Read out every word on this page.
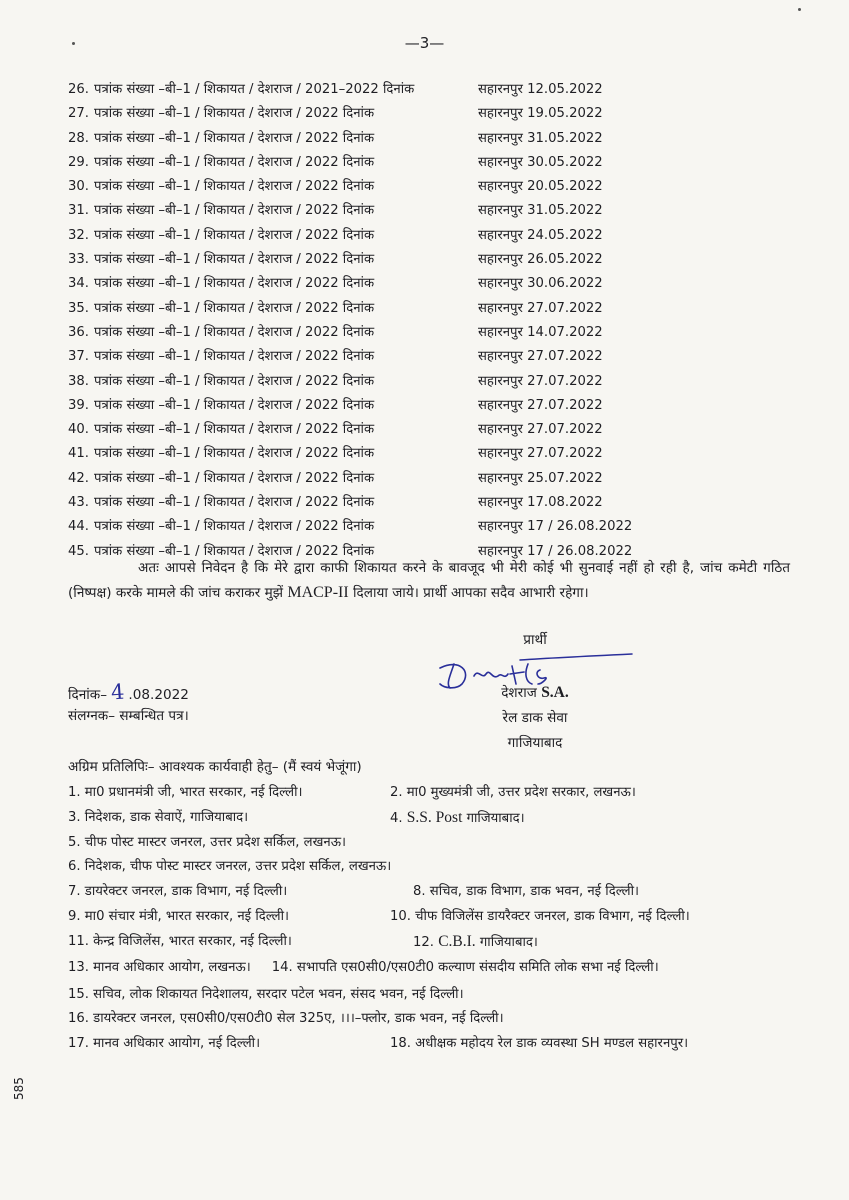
—3—
26. पत्रांक संख्या –बी–1 / शिकायत / देशराज / 2021–2022 दिनांक	सहारनपुर 12.05.2022
27. पत्रांक संख्या –बी–1 / शिकायत / देशराज / 2022 दिनांक	सहारनपुर 19.05.2022
28. पत्रांक संख्या –बी–1 / शिकायत / देशराज / 2022 दिनांक	सहारनपुर 31.05.2022
29. पत्रांक संख्या –बी–1 / शिकायत / देशराज / 2022 दिनांक	सहारनपुर 30.05.2022
30. पत्रांक संख्या –बी–1 / शिकायत / देशराज / 2022 दिनांक	सहारनपुर 20.05.2022
31. पत्रांक संख्या –बी–1 / शिकायत / देशराज / 2022 दिनांक	सहारनपुर 31.05.2022
32. पत्रांक संख्या –बी–1 / शिकायत / देशराज / 2022 दिनांक	सहारनपुर 24.05.2022
33. पत्रांक संख्या –बी–1 / शिकायत / देशराज / 2022 दिनांक	सहारनपुर 26.05.2022
34. पत्रांक संख्या –बी–1 / शिकायत / देशराज / 2022 दिनांक	सहारनपुर 30.06.2022
35. पत्रांक संख्या –बी–1 / शिकायत / देशराज / 2022 दिनांक	सहारनपुर 27.07.2022
36. पत्रांक संख्या –बी–1 / शिकायत / देशराज / 2022 दिनांक	सहारनपुर 14.07.2022
37. पत्रांक संख्या –बी–1 / शिकायत / देशराज / 2022 दिनांक	सहारनपुर 27.07.2022
38. पत्रांक संख्या –बी–1 / शिकायत / देशराज / 2022 दिनांक	सहारनपुर 27.07.2022
39. पत्रांक संख्या –बी–1 / शिकायत / देशराज / 2022 दिनांक	सहारनपुर 27.07.2022
40. पत्रांक संख्या –बी–1 / शिकायत / देशराज / 2022 दिनांक	सहारनपुर 27.07.2022
41. पत्रांक संख्या –बी–1 / शिकायत / देशराज / 2022 दिनांक	सहारनपुर 27.07.2022
42. पत्रांक संख्या –बी–1 / शिकायत / देशराज / 2022 दिनांक	सहारनपुर 25.07.2022
43. पत्रांक संख्या –बी–1 / शिकायत / देशराज / 2022 दिनांक	सहारनपुर 17.08.2022
44. पत्रांक संख्या –बी–1 / शिकायत / देशराज / 2022 दिनांक	सहारनपुर 17 / 26.08.2022
45. पत्रांक संख्या –बी–1 / शिकायत / देशराज / 2022 दिनांक	सहारनपुर 17 / 26.08.2022
अतः आपसे निवेदन है कि मेरे द्वारा काफी शिकायत करने के बावजूद भी मेरी कोई भी सुनवाई नहीं हो रही है, जांच कमेटी गठित (निष्पक्ष) करके मामले की जांच कराकर मुझें MACP-II दिलाया जाये। प्रार्थी आपका सदैव आभारी रहेगा।
प्रार्थी
दिनांक– 4 .08.2022
संलग्नक– सम्बन्धित पत्र।
देशराज S.A.
रेल डाक सेवा
गाजियाबाद
अग्रिम प्रतिलिपिः– आवश्यक कार्यवाही हेतु– (मैं स्वयं भेजूंगा)
1. मा0 प्रधानमंत्री जी, भारत सरकार, नई दिल्ली।	2. मा0 मुख्यमंत्री जी, उत्तर प्रदेश सरकार, लखनऊ।
3. निदेशक, डाक सेवाऐं, गाजियाबाद।	4. S.S. Post गाजियाबाद।
5. चीफ पोस्ट मास्टर जनरल, उत्तर प्रदेश सर्किल, लखनऊ।
6. निदेशक, चीफ पोस्ट मास्टर जनरल, उत्तर प्रदेश सर्किल, लखनऊ।
7. डायरेक्टर जनरल, डाक विभाग, नई दिल्ली।	8. सचिव, डाक विभाग, डाक भवन, नई दिल्ली।
9. मा0 संचार मंत्री, भारत सरकार, नई दिल्ली।	10. चीफ विजिलेंस डायरैक्टर जनरल, डाक विभाग, नई दिल्ली।
11. केन्द्र विजिलेंस, भारत सरकार, नई दिल्ली।	12. C.B.I. गाजियाबाद।
13. मानव अधिकार आयोग, लखनऊ। 14. सभापति एस0सी0/एस0टी0 कल्याण संसदीय समिति लोक सभा नई दिल्ली।
15. सचिव, लोक शिकायत निदेशालय, सरदार पटेल भवन, संसद भवन, नई दिल्ली।
16. डायरेक्टर जनरल, एस0सी0/एस0टी0 सेल 325ए, ।।।–फ्लोर, डाक भवन, नई दिल्ली।
17. मानव अधिकार आयोग, नई दिल्ली।	18. अधीक्षक महोदय रेल डाक व्यवस्था SH मण्डल सहारनपुर।
585
